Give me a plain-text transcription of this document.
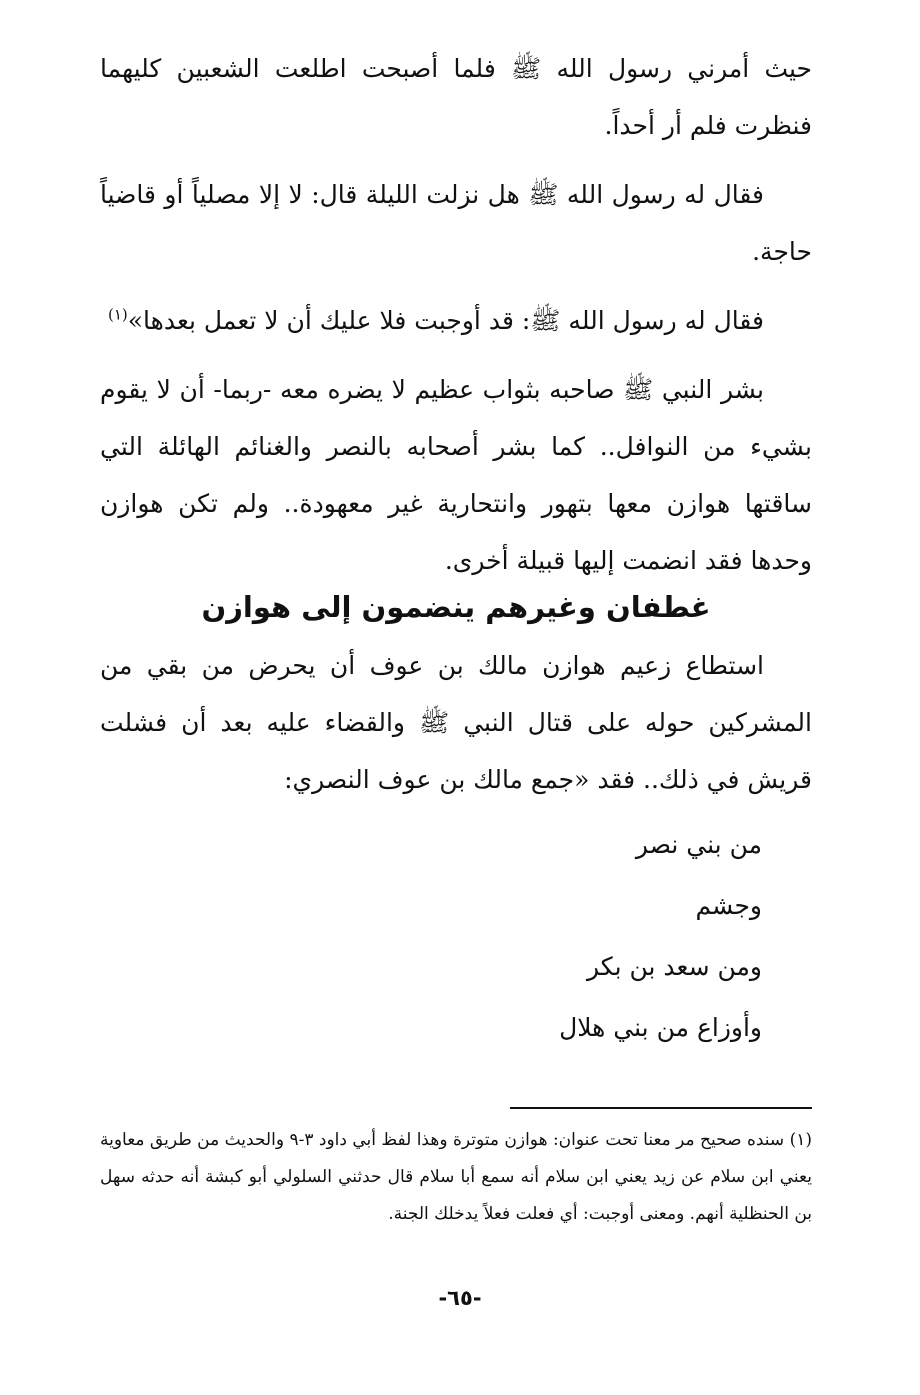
حيث أمرني رسول الله ﷺ فلما أصبحت اطلعت الشعبين كليهما فنظرت فلم أر أحداً.

فقال له رسول الله ﷺ هل نزلت الليلة قال: لا إلا مصلياً أو قاضياً حاجة.

فقال له رسول الله ﷺ: قد أوجبت فلا عليك أن لا تعمل بعدها»$^{(١)}$

بشر النبي ﷺ صاحبه بثواب عظيم لا يضره معه -ربما- أن لا يقوم بشيء من النوافل.. كما بشر أصحابه بالنصر والغنائم الهائلة التي ساقتها هوازن معها بتهور وانتحارية غير معهودة.. ولم تكن هوازن وحدها فقد انضمت إليها قبيلة أخرى.

غطفان وغيرهم ينضمون إلى هوازن

استطاع زعيم هوازن مالك بن عوف أن يحرض من بقي من المشركين حوله على قتال النبي ﷺ والقضاء عليه بعد أن فشلت قريش في ذلك.. فقد «جمع مالك بن عوف النصري:

من بني نصر
وجشم
ومن سعد بن بكر
وأوزاع من بني هلال
(١) سنده صحيح مر معنا تحت عنوان: هوازن متوترة وهذا لفظ أبي داود ٣-٩ والحديث من طريق معاوية يعني ابن سلام عن زيد يعني ابن سلام أنه سمع أبا سلام قال حدثني السلولي أبو كبشة أنه حدثه سهل بن الحنظلية أنهم. ومعنى أوجبت: أي فعلت فعلاً يدخلك الجنة.
-٦٥-
